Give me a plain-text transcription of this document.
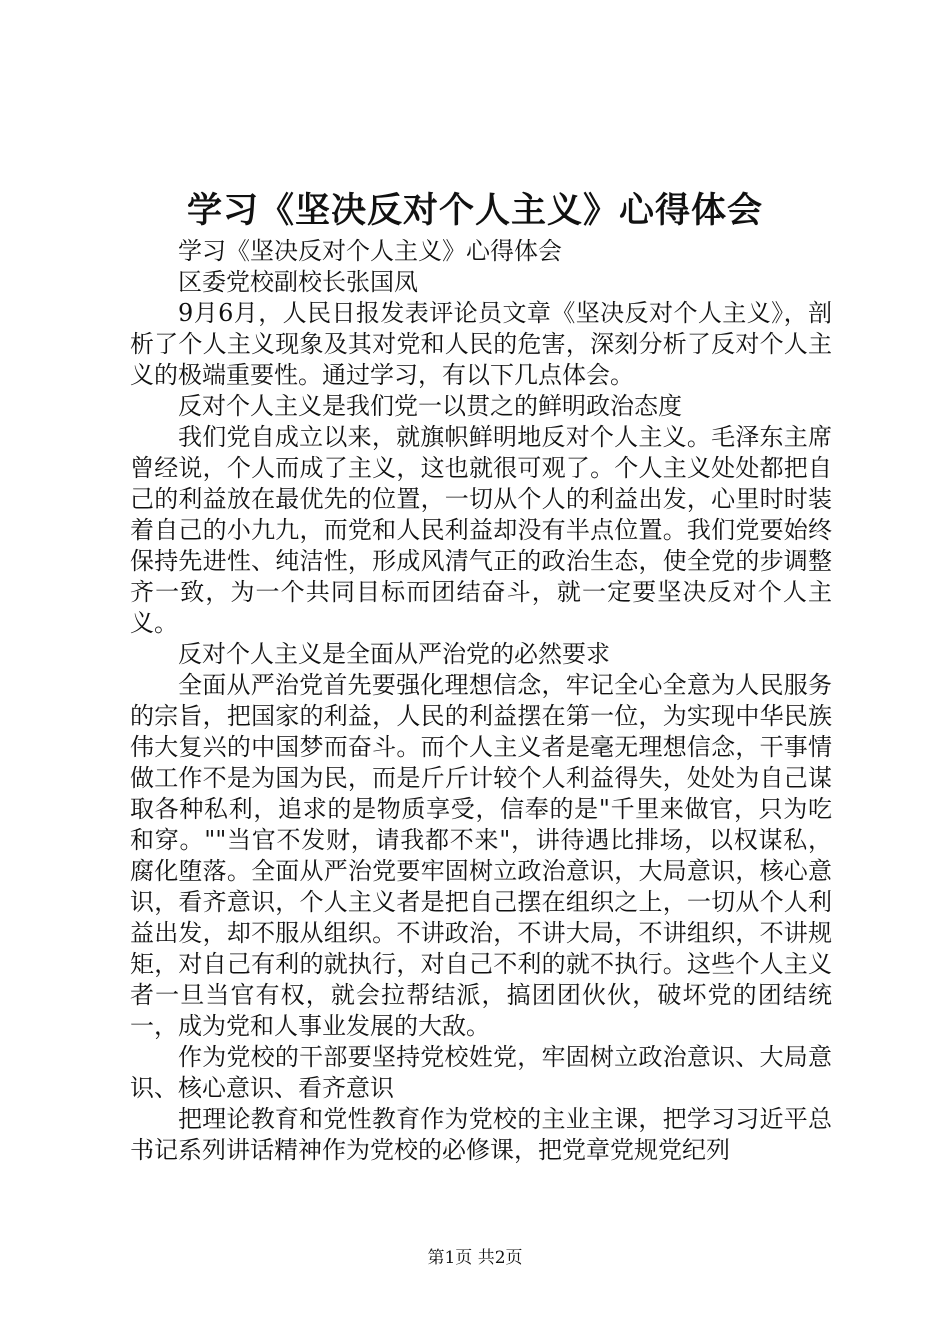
学习《坚决反对个人主义》心得体会

学习《坚决反对个人主义》心得体会

区委党校副校长张国凤

9月6月，人民日报发表评论员文章《坚决反对个人主义》，剖析了个人主义现象及其对党和人民的危害，深刻分析了反对个人主义的极端重要性。通过学习，有以下几点体会。

反对个人主义是我们党一以贯之的鲜明政治态度

我们党自成立以来，就旗帜鲜明地反对个人主义。毛泽东主席曾经说，个人而成了主义，这也就很可观了。个人主义处处都把自己的利益放在最优先的位置，一切从个人的利益出发，心里时时装着自己的小九九，而党和人民利益却没有半点位置。我们党要始终保持先进性、纯洁性，形成风清气正的政治生态，使全党的步调整齐一致，为一个共同目标而团结奋斗，就一定要坚决反对个人主义。

反对个人主义是全面从严治党的必然要求

全面从严治党首先要强化理想信念，牢记全心全意为人民服务的宗旨，把国家的利益，人民的利益摆在第一位，为实现中华民族伟大复兴的中国梦而奋斗。而个人主义者是毫无理想信念，干事情做工作不是为国为民，而是斤斤计较个人利益得失，处处为自己谋取各种私利，追求的是物质享受，信奉的是"千里来做官，只为吃和穿。""当官不发财，请我都不来"，讲待遇比排场，以权谋私，腐化堕落。全面从严治党要牢固树立政治意识，大局意识，核心意识，看齐意识，个人主义者是把自己摆在组织之上，一切从个人利益出发，却不服从组织。不讲政治，不讲大局，不讲组织，不讲规矩，对自己有利的就执行，对自己不利的就不执行。这些个人主义者一旦当官有权，就会拉帮结派，搞团团伙伙，破坏党的团结统一，成为党和人事业发展的大敌。

作为党校的干部要坚持党校姓党，牢固树立政治意识、大局意识、核心意识、看齐意识

把理论教育和党性教育作为党校的主业主课，把学习习近平总书记系列讲话精神作为党校的必修课，把党章党规党纪列

第1页 共2页
